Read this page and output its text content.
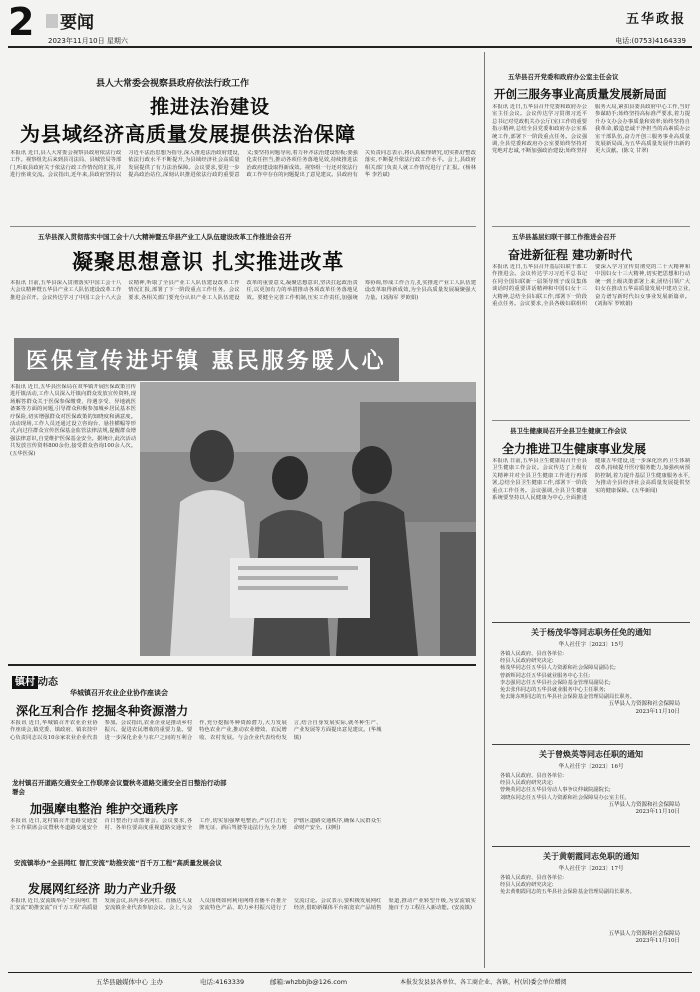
2	要闻
2023年11月10日 星期六
五华政报
电话:(0753)4164339
县人大常委会视察县政府依法行政工作
推进法治建设
为县域经济高质量发展提供法治保障
本报讯 近日,县人大常委会视察县政府依法行政工作。视察组先后来到县司法局、县城管局等部门,听取县政府关于依法行政工作情况的汇报,并进行座谈交流。会议指出,近年来,县政府坚持以习近平法治思想为指导,深入推进法治政府建设,依法行政水平不断提升,为县域经济社会高质量发展提供了有力法治保障。会议要求,要进一步提高政治站位,深刻认识推进依法行政的重要意义;要坚持问题导向,着力补齐法治建设短板;要强化责任担当,推动各项任务落地见效,持续推进法治政府建设取得新成效。视察组一行还对依法行政工作中存在的问题提出了意见建议。县政府有关负责同志表示,将认真梳理研究,切实抓好整改落实,不断提升依法行政工作水平。会上,县政府相关部门负责人就工作情况进行了汇报。(杨林华 李若斌)
五华县召开党委和政府办公室主任会议
开创三服务事业高质量发展新局面
本报讯 近日,五华县召开党委和政府办公室主任会议。会议传达学习贯彻习近平总书记对党政机关办公厅(室)工作的重要指示精神,总结全县党委和政府办公室系统工作,部署下一阶段重点任务。会议强调,全县党委和政府办公室要始终坚持对党绝对忠诚,不断加强政治建设;始终坚持服务大局,紧扣县委县政府中心工作,当好参谋助手;始终坚持高标准严要求,着力提升办文办会办事质量和效率;始终坚持自我革命,锻造忠诚干净担当的高素质办公室干部队伍,奋力开创三服务事业高质量发展新局面,为五华高质量发展作出新的更大贡献。(陈文 甘翠)
五华县深入贯彻落实中国工会十八大精神暨五华县产业工人队伍建设改革工作推进会召开
凝聚思想意识 扎实推进改革
本报讯 日前,五华县深入贯彻落实中国工会十八大会议精神暨五华县产业工人队伍建设改革工作推进会召开。会议传达学习了中国工会十八大会议精神,听取了全县产业工人队伍建设改革工作情况汇报,部署了下一阶段重点工作任务。会议要求,各相关部门要充分认识产业工人队伍建设改革的重要意义,凝聚思想意识,坚决扛起政治责任,以更加有力的举措推动各项改革任务落地见效。要健全完善工作机制,压实工作责任,加强统筹协调,形成工作合力,扎实推进产业工人队伍建设改革取得新成效,为全县高质量发展凝聚强大力量。(刘海军 罗欧娟)
五华县基层妇联干部工作推进会召开
奋进新征程 建功新时代
本报讯 近日,五华县召开基层妇联干部工作推进会。会议传达学习习近平总书记在同全国妇联新一届领导班子成员集体谈话时的重要讲话精神和中国妇女十三大精神,总结全县妇联工作,部署下一阶段重点任务。会议要求,全县各级妇联组织要深入学习宣传贯彻党的二十大精神和中国妇女十三大精神,切实把思想和行动统一到上级决策部署上来,团结引领广大妇女在推动五华高质量发展中建功立业,奋力谱写新时代妇女事业发展新篇章。(刘海军 罗欧娟)
医保宣传进圩镇 惠民服务暖人心
本报讯 近日,五华县医保局在双华镇开展医保政策宣传进圩镇活动,工作人员深入圩镇向群众发放宣传资料,现场解答群众关于医保参保缴费、待遇享受、异地就医备案等方面的问题,引导群众积极参加城乡居民基本医疗保险,切实增强群众对医保政策的知晓度和满意度。活动现场,工作人员还通过设立咨询台、悬挂横幅等形式,向过往群众宣传医保基金监管法律法规,提醒群众增强法律意识,自觉维护医保基金安全。据统计,此次活动共发放宣传资料800余份,接受群众咨询100余人次。(五华医保)
县卫生健康局召开全县卫生健康工作会议
全力推进卫生健康事业发展
本报讯 日前,五华县卫生健康局召开全县卫生健康工作会议。会议传达了上级有关精神并对全县卫生健康工作进行再部署,总结全县卫生健康工作,部署下一阶段重点工作任务。会议强调,全县卫生健康系统要坚持以人民健康为中心,全面推进健康五华建设,进一步深化医药卫生体制改革,持续提升医疗服务能力,加强疾病预防控制,着力提升基层卫生健康服务水平,为推动全县经济社会高质量发展提供坚实的健康保障。(五华新闻)
镇村 动态
华城镇召开农业企业协作座谈会
深化互利合作 挖掘冬种资源潜力
本报讯 近日,华城镇召开农业企业协作座谈会,镇党委、镇政府、镇农技中心负责同志以及10余家农业企业代表参加。会议指出,农业企业是推动乡村振兴、促进农民增收的重要力量。要进一步深化企业与农户之间的互利合作,充分挖掘冬种资源潜力,大力发展特色农业产业,推动农业增效、农民增收、农村发展。与会企业代表纷纷发言,结合自身发展实际,就冬种生产、产业发展等方面提出意见建议。(华城镇)
龙村镇召开道路交通安全工作联席会议暨秋冬道路交通安全百日整治行动部署会
加强摩电整治 维护交通秩序
本报讯 近日,龙村镇召开道路交通安全工作联席会议暨秋冬道路交通安全百日整治行动部署会。会议要求,各村、各单位要高度重视道路交通安全工作,切实加强摩电整治,严厉打击无牌无证、酒后驾驶等违法行为,全力维护辖区道路交通秩序,确保人民群众生命财产安全。(刘明)
安流镇举办“全县网红 智汇安流”助推安流“百千万工程”高质量发展会议
发展网红经济 助力产业升级
本报讯 近日,安流镇举办“全县网红 智汇安流”助推安流“百千万工程”高质量发展会议,县内多名网红、直播达人及安流镇企业代表参加会议。会上,与会人员围绕如何利用网络直播平台推介安流特色产品、助力乡村振兴进行了交流讨论。会议表示,要积极发展网红经济,借助新媒体平台拓宽农产品销售渠道,推动产业转型升级,为安流镇实施百千万工程注入新动能。(安流镇)
关于杨茂华等同志职务任免的通知
华人社任字〔2023〕15号
各镇人民政府、县直各单位:
经县人民政府研究决定:
杨茂华同志任五华县人力资源和社会保障局副局长;
曾新辉同志任五华县就业服务中心主任;
李志强同志任五华县社会保险基金管理局副局长;
免去张伟同志的五华县就业服务中心主任职务;
免去陈东明同志的五华县社会保险基金管理局副局长职务。
五华县人力资源和社会保障局
2023年11月10日
关于曾焕英等同志任职的通知
华人社任字〔2023〕16号
各镇人民政府、县直各单位:
经县人民政府研究决定:
曾焕英同志任五华县劳动人事争议仲裁院副院长;
刘晓东同志任五华县人力资源和社会保障局办公室主任。
五华县人力资源和社会保障局
2023年11月10日
关于黄朝霞同志免职的通知
华人社任字〔2023〕17号
各镇人民政府、县直各单位:
经县人民政府研究决定:
免去黄朝霞同志的五华县社会保险基金管理局副局长职务。
五华县人力资源和社会保障局
2023年11月10日
五华县融媒体中心 主办	电话:4163339	邮箱:whzbbjb@126.com	本报发发县县各单位、各工商企业、各镇、村(居)委会单位赠阅
